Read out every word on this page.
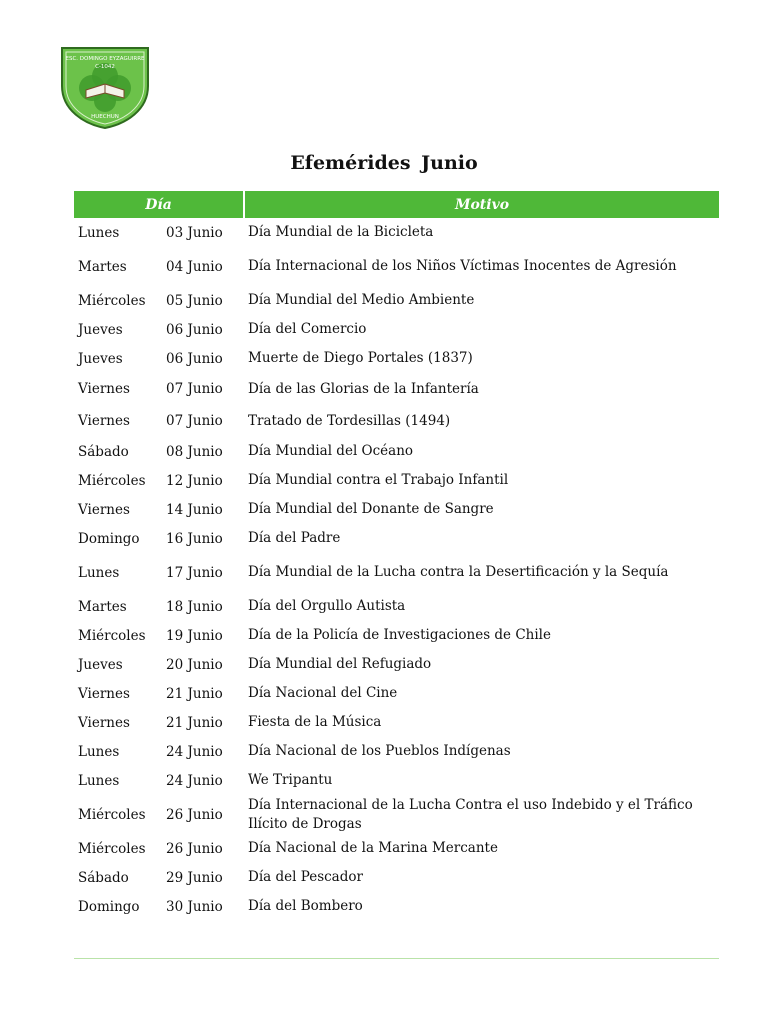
ESC. DOMINGO EYZAGUIRRE
C-1042
HUECHUN
Efemérides Junio
Día		Motivo
Lunes	03 Junio	Día Mundial de la Bicicleta
Martes	04 Junio	Día Internacional de los Niños Víctimas Inocentes de Agresión
Miércoles	05 Junio	Día Mundial del Medio Ambiente
Jueves	06 Junio	Día del Comercio
Jueves	06 Junio	Muerte de Diego Portales (1837)
Viernes	07 Junio	Día de las Glorias de la Infantería
Viernes	07 Junio	Tratado de Tordesillas (1494)
Sábado	08 Junio	Día Mundial del Océano
Miércoles	12 Junio	Día Mundial contra el Trabajo Infantil
Viernes	14 Junio	Día Mundial del Donante de Sangre
Domingo	16 Junio	Día del Padre
Lunes	17 Junio	Día Mundial de la Lucha contra la Desertificación y la Sequía
Martes	18 Junio	Día del Orgullo Autista
Miércoles	19 Junio	Día de la Policía de Investigaciones de Chile
Jueves	20 Junio	Día Mundial del Refugiado
Viernes	21 Junio	Día Nacional del Cine
Viernes	21 Junio	Fiesta de la Música
Lunes	24 Junio	Día Nacional de los Pueblos Indígenas
Lunes	24 Junio	We Tripantu
Miércoles	26 Junio	Día Internacional de la Lucha Contra el uso Indebido y el Tráfico Ilícito de Drogas
Miércoles	26 Junio	Día Nacional de la Marina Mercante
Sábado	29 Junio	Día del Pescador
Domingo	30 Junio	Día del Bombero
